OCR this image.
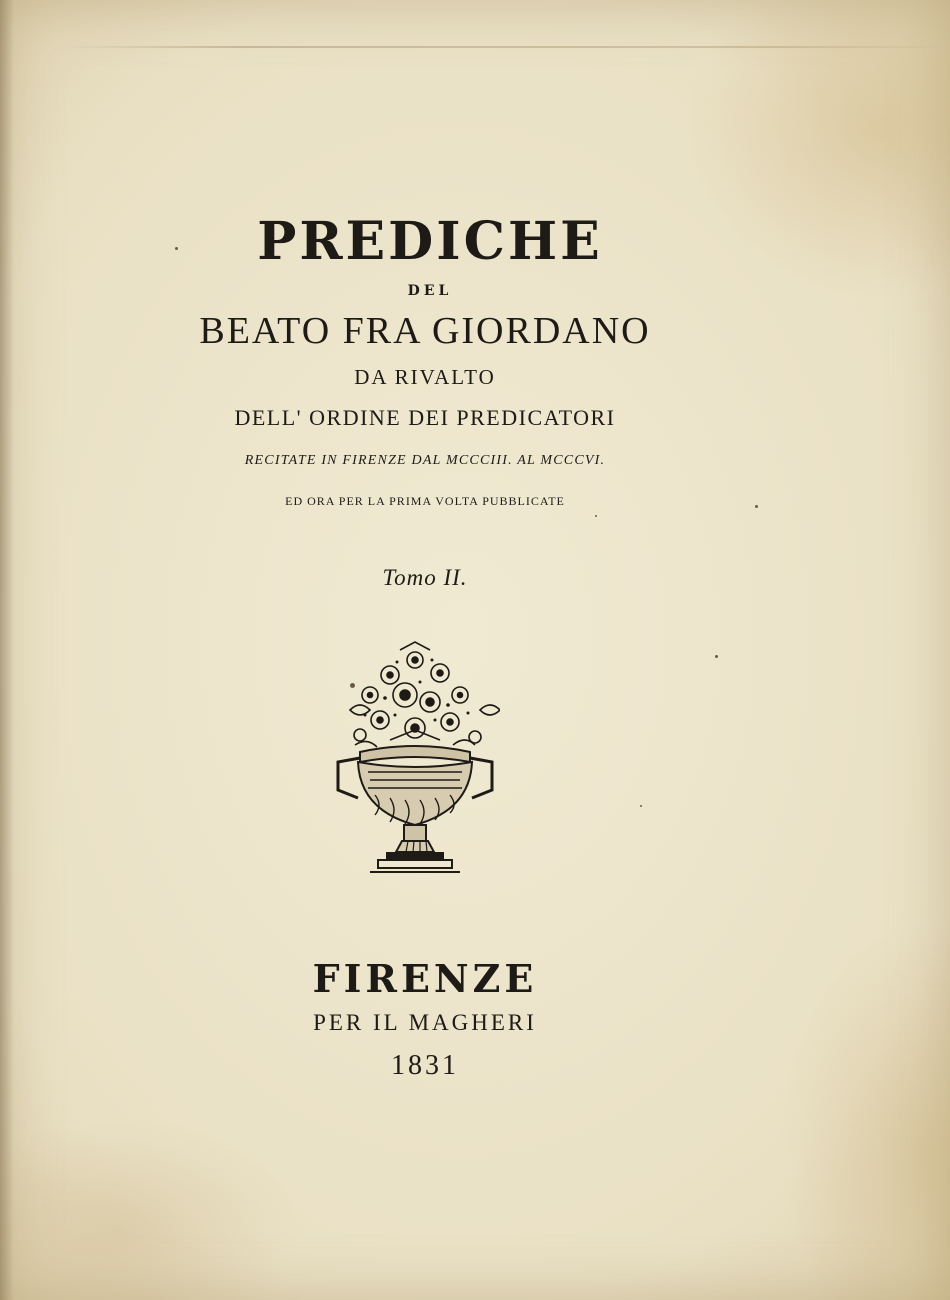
PREDICHE
DEL
BEATO FRA GIORDANO
DA RIVALTO
DELL' ORDINE DEI PREDICATORI
RECITATE IN FIRENZE DAL MCCCIII. AL MCCCVI.
ED ORA PER LA PRIMA VOLTA PUBBLICATE
Tomo II.
FIRENZE
PER IL MAGHERI
1831
